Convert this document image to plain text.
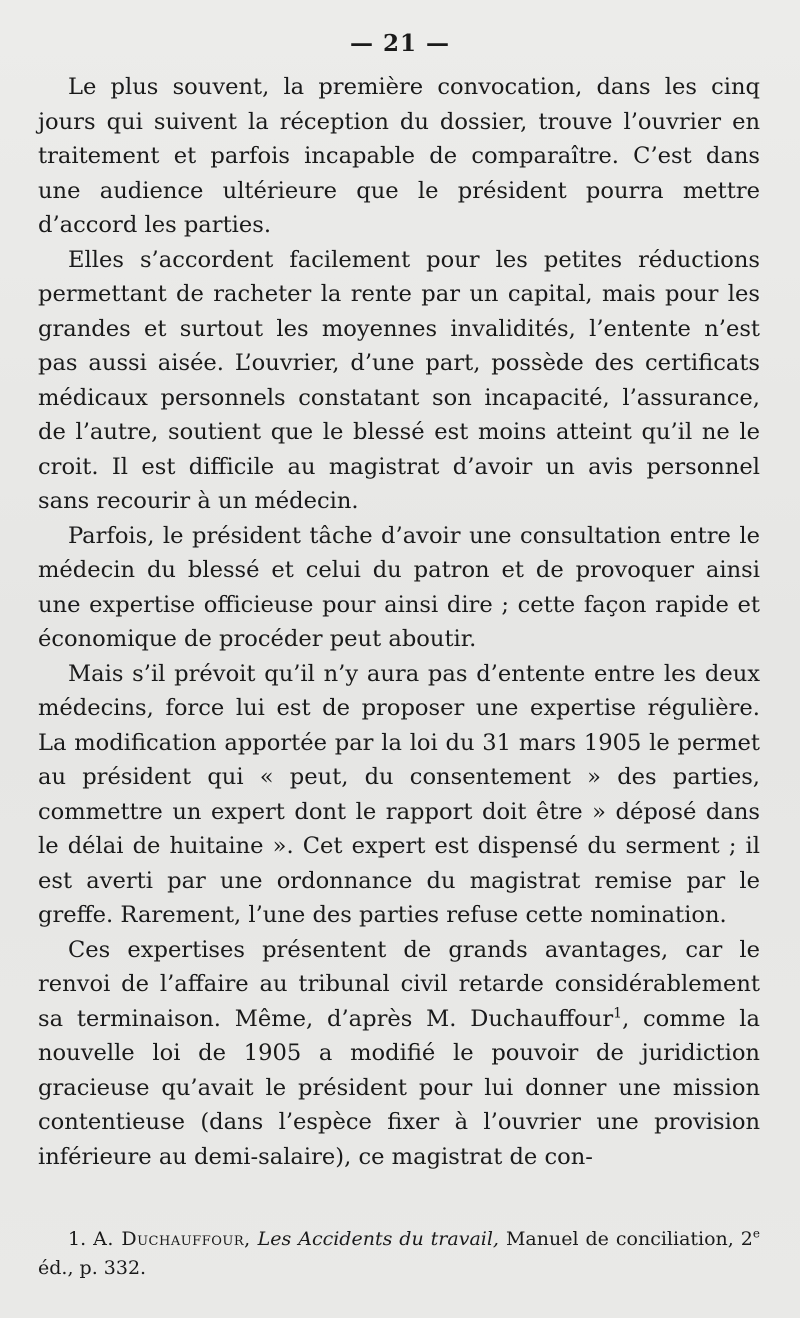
— 21 —

Le plus souvent, la première convocation, dans les cinq jours qui suivent la réception du dossier, trouve l’ouvrier en traitement et parfois incapable de comparaître. C’est dans une audience ultérieure que le président pourra mettre d’accord les parties.

Elles s’accordent facilement pour les petites réductions permettant de racheter la rente par un capital, mais pour les grandes et surtout les moyennes invalidités, l’entente n’est pas aussi aisée. L’ouvrier, d’une part, possède des certificats médicaux personnels constatant son incapacité, l’assurance, de l’autre, soutient que le blessé est moins atteint qu’il ne le croit. Il est difficile au magistrat d’avoir un avis personnel sans recourir à un médecin.

Parfois, le président tâche d’avoir une consultation entre le médecin du blessé et celui du patron et de provoquer ainsi une expertise officieuse pour ainsi dire ; cette façon rapide et économique de procéder peut aboutir.

Mais s’il prévoit qu’il n’y aura pas d’entente entre les deux médecins, force lui est de proposer une expertise régulière. La modification apportée par la loi du 31 mars 1905 le permet au président qui « peut, du consentement » des parties, commettre un expert dont le rapport doit être » déposé dans le délai de huitaine ». Cet expert est dispensé du serment ; il est averti par une ordonnance du magistrat remise par le greffe. Rarement, l’une des parties refuse cette nomination.

Ces expertises présentent de grands avantages, car le renvoi de l’affaire au tribunal civil retarde considérablement sa terminaison. Même, d’après M. Duchauffour$^1$, comme la nouvelle loi de 1905 a modifié le pouvoir de juridiction gracieuse qu’avait le président pour lui donner une mission contentieuse (dans l’espèce fixer à l’ouvrier une provision inférieure au demi-salaire), ce magistrat de con-

1. A. Duchauffour, Les Accidents du travail, Manuel de conciliation, 2e éd., p. 332.
